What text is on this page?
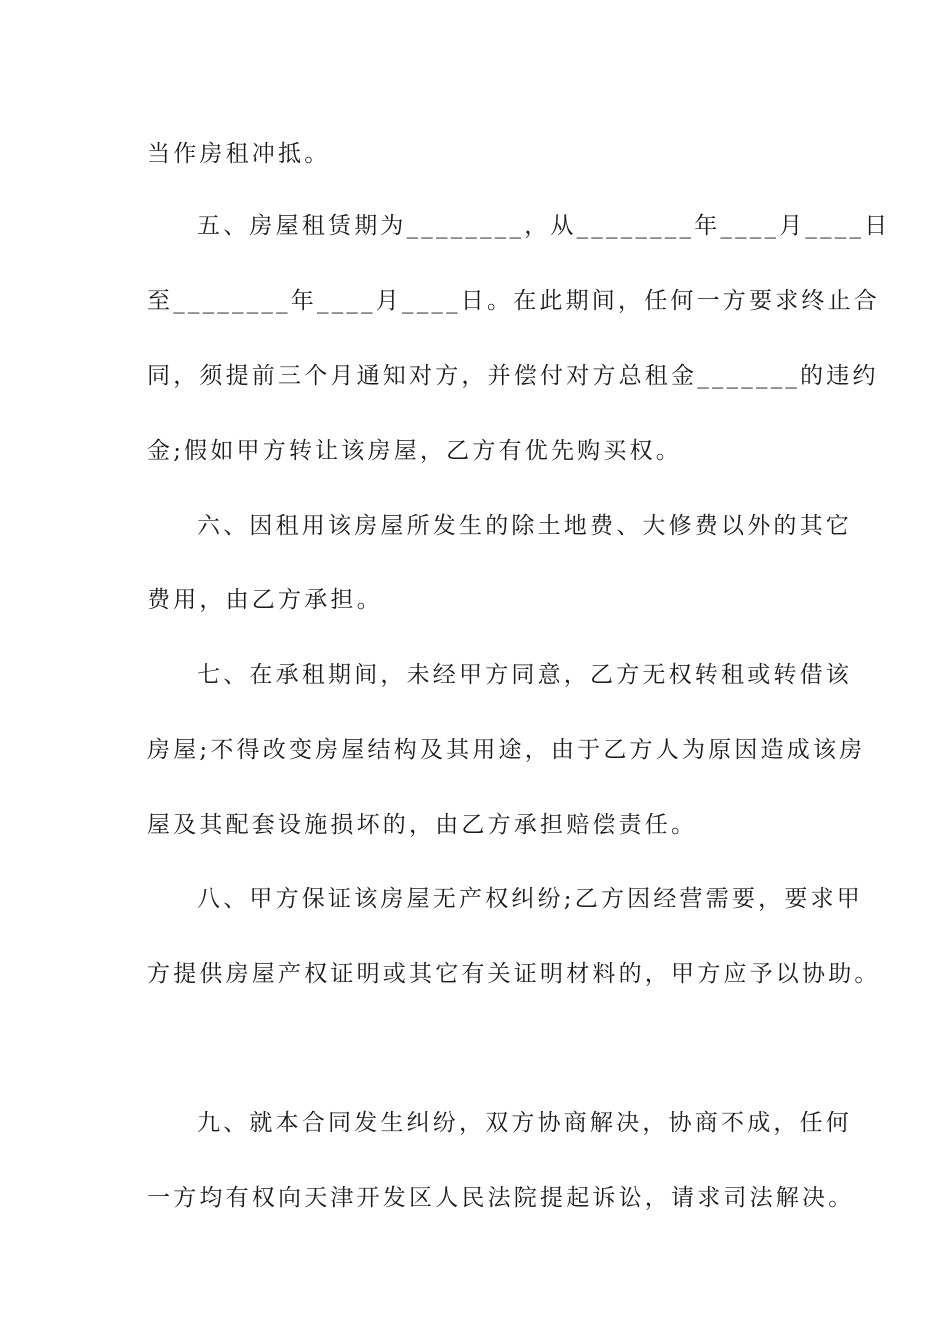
当作房租冲抵。
五、房屋租赁期为________，从________年____月____日
至________年____月____日。在此期间，任何一方要求终止合
同，须提前三个月通知对方，并偿付对方总租金_______的违约
金;假如甲方转让该房屋，乙方有优先购买权。
六、因租用该房屋所发生的除土地费、大修费以外的其它
费用，由乙方承担。
七、在承租期间，未经甲方同意，乙方无权转租或转借该
房屋;不得改变房屋结构及其用途，由于乙方人为原因造成该房
屋及其配套设施损坏的，由乙方承担赔偿责任。
八、甲方保证该房屋无产权纠纷;乙方因经营需要，要求甲
方提供房屋产权证明或其它有关证明材料的，甲方应予以协助。
九、就本合同发生纠纷，双方协商解决，协商不成，任何
一方均有权向天津开发区人民法院提起诉讼，请求司法解决。
